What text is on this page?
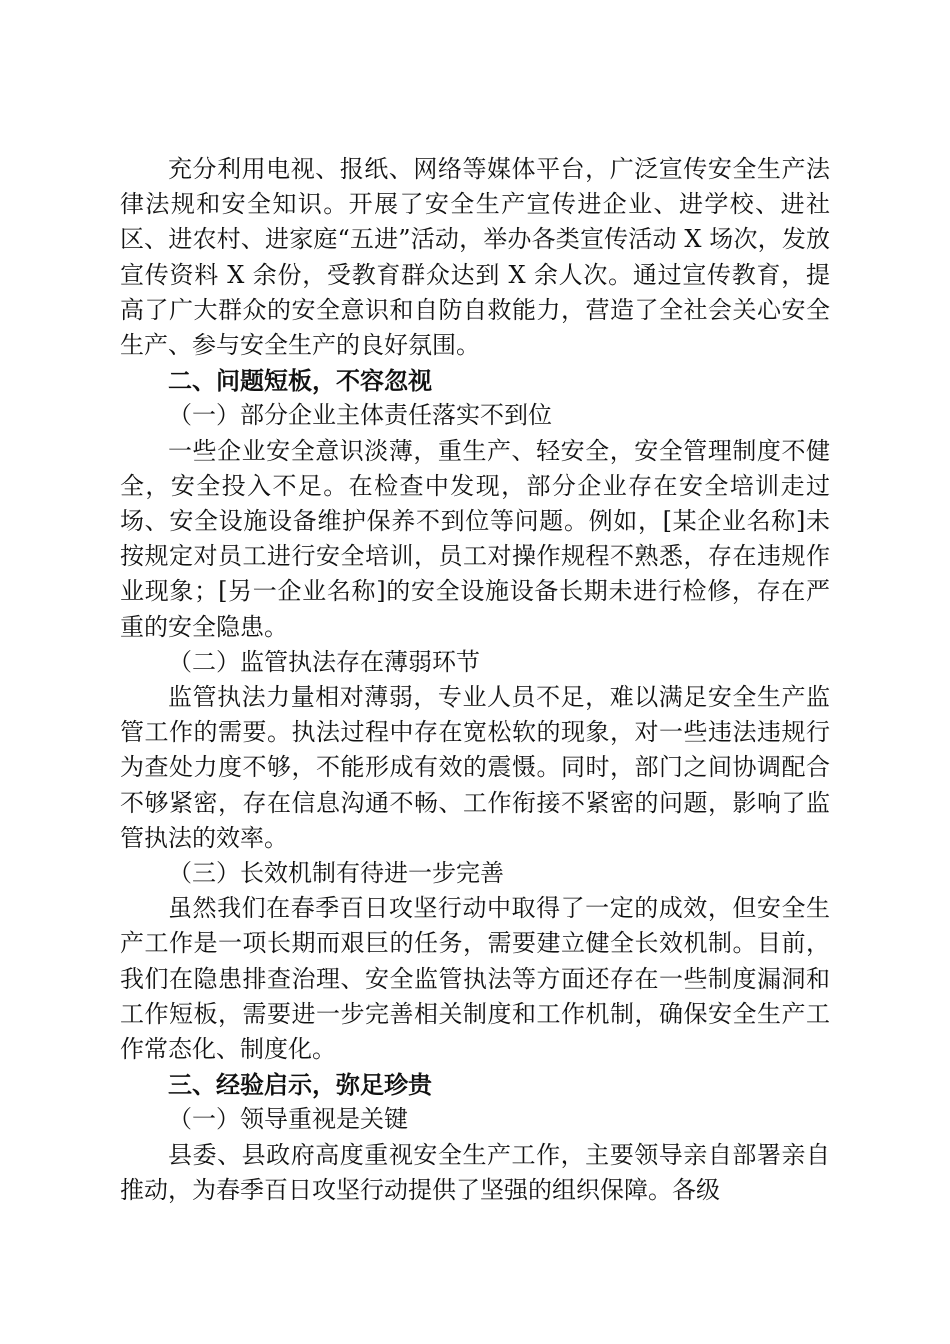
充分利用电视、报纸、网络等媒体平台，广泛宣传安全生产法律法规和安全知识。开展了安全生产宣传进企业、进学校、进社区、进农村、进家庭“五进”活动，举办各类宣传活动 X 场次，发放宣传资料 X 余份，受教育群众达到 X 余人次。通过宣传教育，提高了广大群众的安全意识和自防自救能力，营造了全社会关心安全生产、参与安全生产的良好氛围。

二、问题短板，不容忽视

（一）部分企业主体责任落实不到位

一些企业安全意识淡薄，重生产、轻安全，安全管理制度不健全，安全投入不足。在检查中发现，部分企业存在安全培训走过场、安全设施设备维护保养不到位等问题。例如，[某企业名称]未按规定对员工进行安全培训，员工对操作规程不熟悉，存在违规作业现象；[另一企业名称]的安全设施设备长期未进行检修，存在严重的安全隐患。

（二）监管执法存在薄弱环节

监管执法力量相对薄弱，专业人员不足，难以满足安全生产监管工作的需要。执法过程中存在宽松软的现象，对一些违法违规行为查处力度不够，不能形成有效的震慑。同时，部门之间协调配合不够紧密，存在信息沟通不畅、工作衔接不紧密的问题，影响了监管执法的效率。

（三）长效机制有待进一步完善

虽然我们在春季百日攻坚行动中取得了一定的成效，但安全生产工作是一项长期而艰巨的任务，需要建立健全长效机制。目前，我们在隐患排查治理、安全监管执法等方面还存在一些制度漏洞和工作短板，需要进一步完善相关制度和工作机制，确保安全生产工作常态化、制度化。

三、经验启示，弥足珍贵

（一）领导重视是关键

县委、县政府高度重视安全生产工作，主要领导亲自部署亲自推动，为春季百日攻坚行动提供了坚强的组织保障。各级
